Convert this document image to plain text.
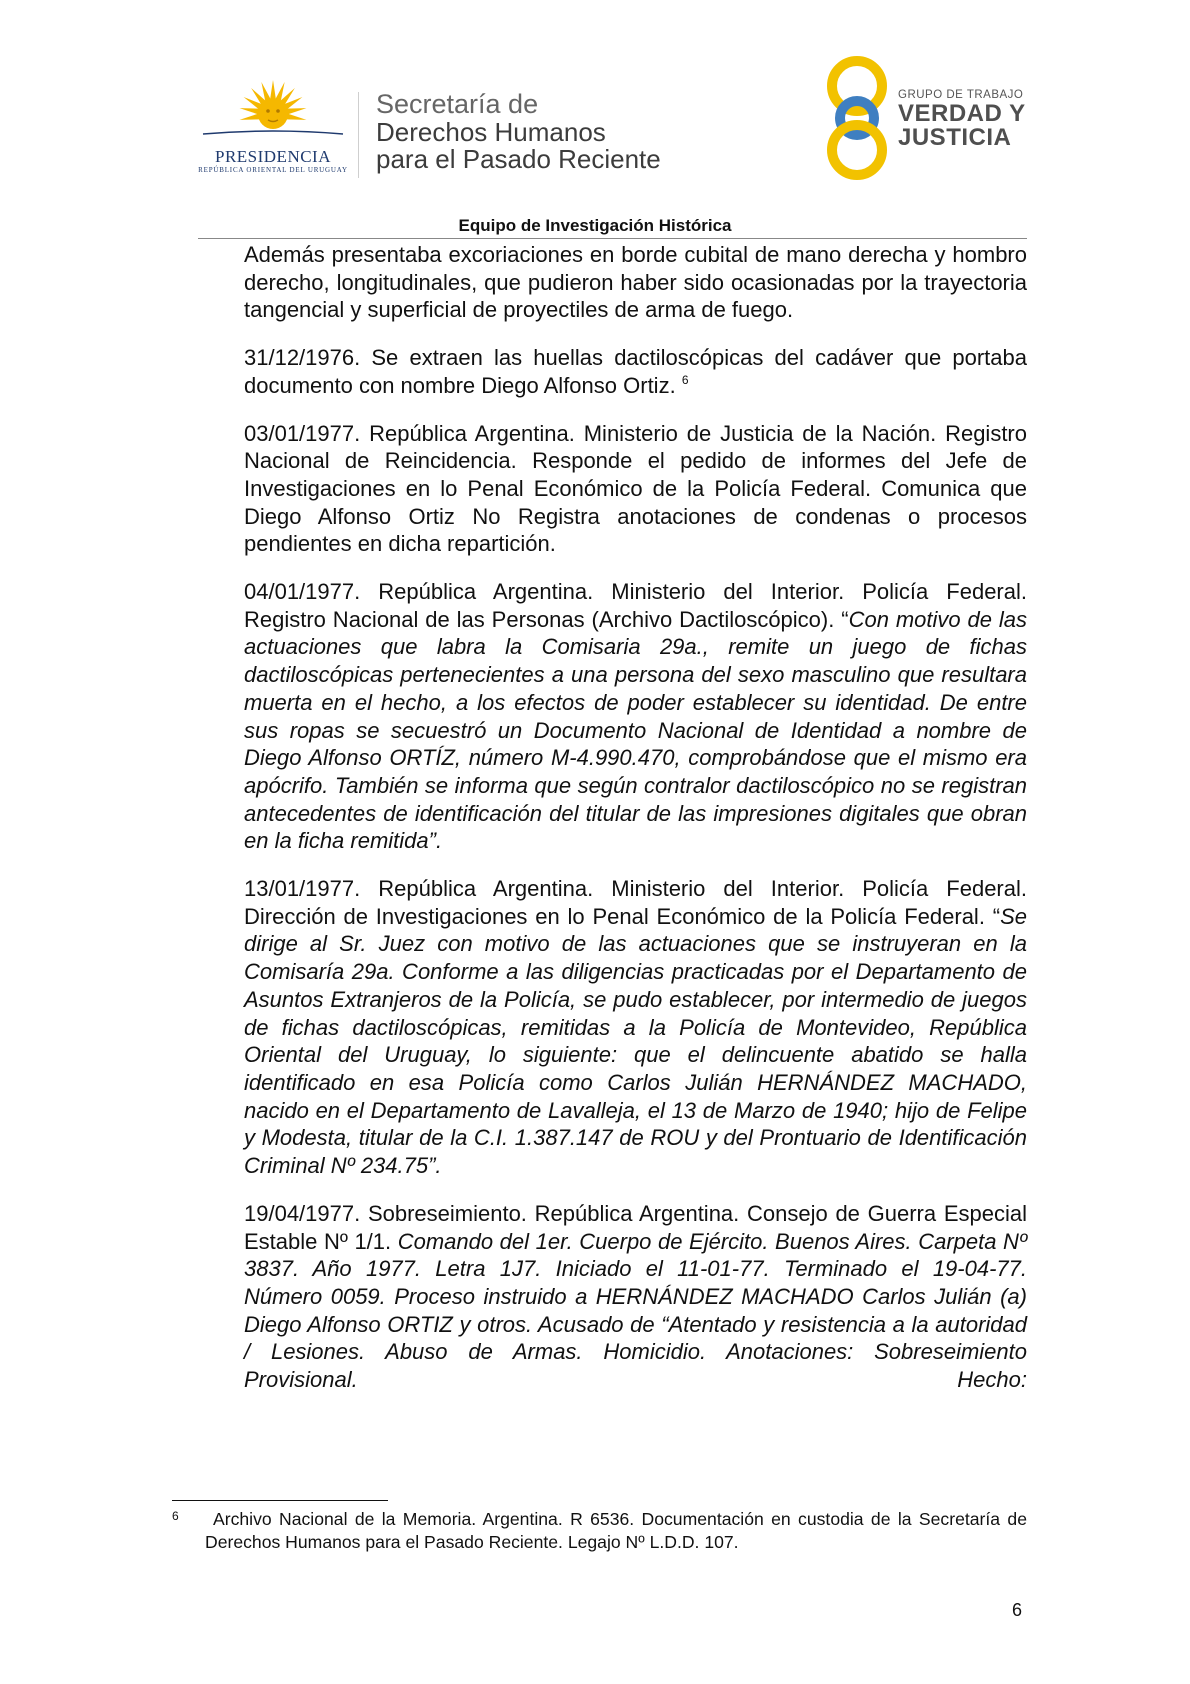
PRESIDENCIA
REPÚBLICA ORIENTAL DEL URUGUAY
Secretaría de
Derechos Humanos
para el Pasado Reciente
GRUPO DE TRABAJO
VERDAD Y
JUSTICIA
Equipo de Investigación Histórica

Además presentaba excoriaciones en borde cubital de mano derecha y hombro derecho, longitudinales, que pudieron haber sido ocasionadas por la trayectoria tangencial y superficial de proyectiles de arma de fuego.

31/12/1976. Se extraen las huellas dactiloscópicas del cadáver que portaba documento con nombre Diego Alfonso Ortiz. $^6$

03/01/1977. República Argentina. Ministerio de Justicia de la Nación. Registro Nacional de Reincidencia. Responde el pedido de informes del Jefe de Investigaciones en lo Penal Económico de la Policía Federal. Comunica que Diego Alfonso Ortiz No Registra anotaciones de condenas o procesos pendientes en dicha repartición.

04/01/1977. República Argentina. Ministerio del Interior. Policía Federal. Registro Nacional de las Personas (Archivo Dactiloscópico). “Con motivo de las actuaciones que labra la Comisaria 29a., remite un juego de fichas dactiloscópicas pertenecientes a una persona del sexo masculino que resultara muerta en el hecho, a los efectos de poder establecer su identidad. De entre sus ropas se secuestró un Documento Nacional de Identidad a nombre de Diego Alfonso ORTÍZ, número M-4.990.470, comprobándose que el mismo era apócrifo. También se informa que según contralor dactiloscópico no se registran antecedentes de identificación del titular de las impresiones digitales que obran en la ficha remitida”.

13/01/1977. República Argentina. Ministerio del Interior. Policía Federal. Dirección de Investigaciones en lo Penal Económico de la Policía Federal. “Se dirige al Sr. Juez con motivo de las actuaciones que se instruyeran en la Comisaría 29a. Conforme a las diligencias practicadas por el Departamento de Asuntos Extranjeros de la Policía, se pudo establecer, por intermedio de juegos de fichas dactiloscópicas, remitidas a la Policía de Montevideo, República Oriental del Uruguay, lo siguiente: que el delincuente abatido se halla identificado en esa Policía como Carlos Julián HERNÁNDEZ MACHADO, nacido en el Departamento de Lavalleja, el 13 de Marzo de 1940; hijo de Felipe y Modesta, titular de la C.I. 1.387.147 de ROU y del Prontuario de Identificación Criminal Nº 234.75”.

19/04/1977. Sobreseimiento. República Argentina. Consejo de Guerra Especial Estable Nº 1/1. Comando del 1er. Cuerpo de Ejército. Buenos Aires. Carpeta Nº 3837. Año 1977. Letra 1J7. Iniciado el 11-01-77. Terminado el 19-04-77. Número 0059. Proceso instruido a HERNÁNDEZ MACHADO Carlos Julián (a) Diego Alfonso ORTIZ y otros. Acusado de “Atentado y resistencia a la autoridad / Lesiones. Abuso de Armas. Homicidio. Anotaciones: Sobreseimiento Provisional. Hecho:

6	Archivo Nacional de la Memoria. Argentina. R 6536. Documentación en custodia de la Secretaría de Derechos Humanos para el Pasado Reciente. Legajo Nº L.D.D. 107.
6
